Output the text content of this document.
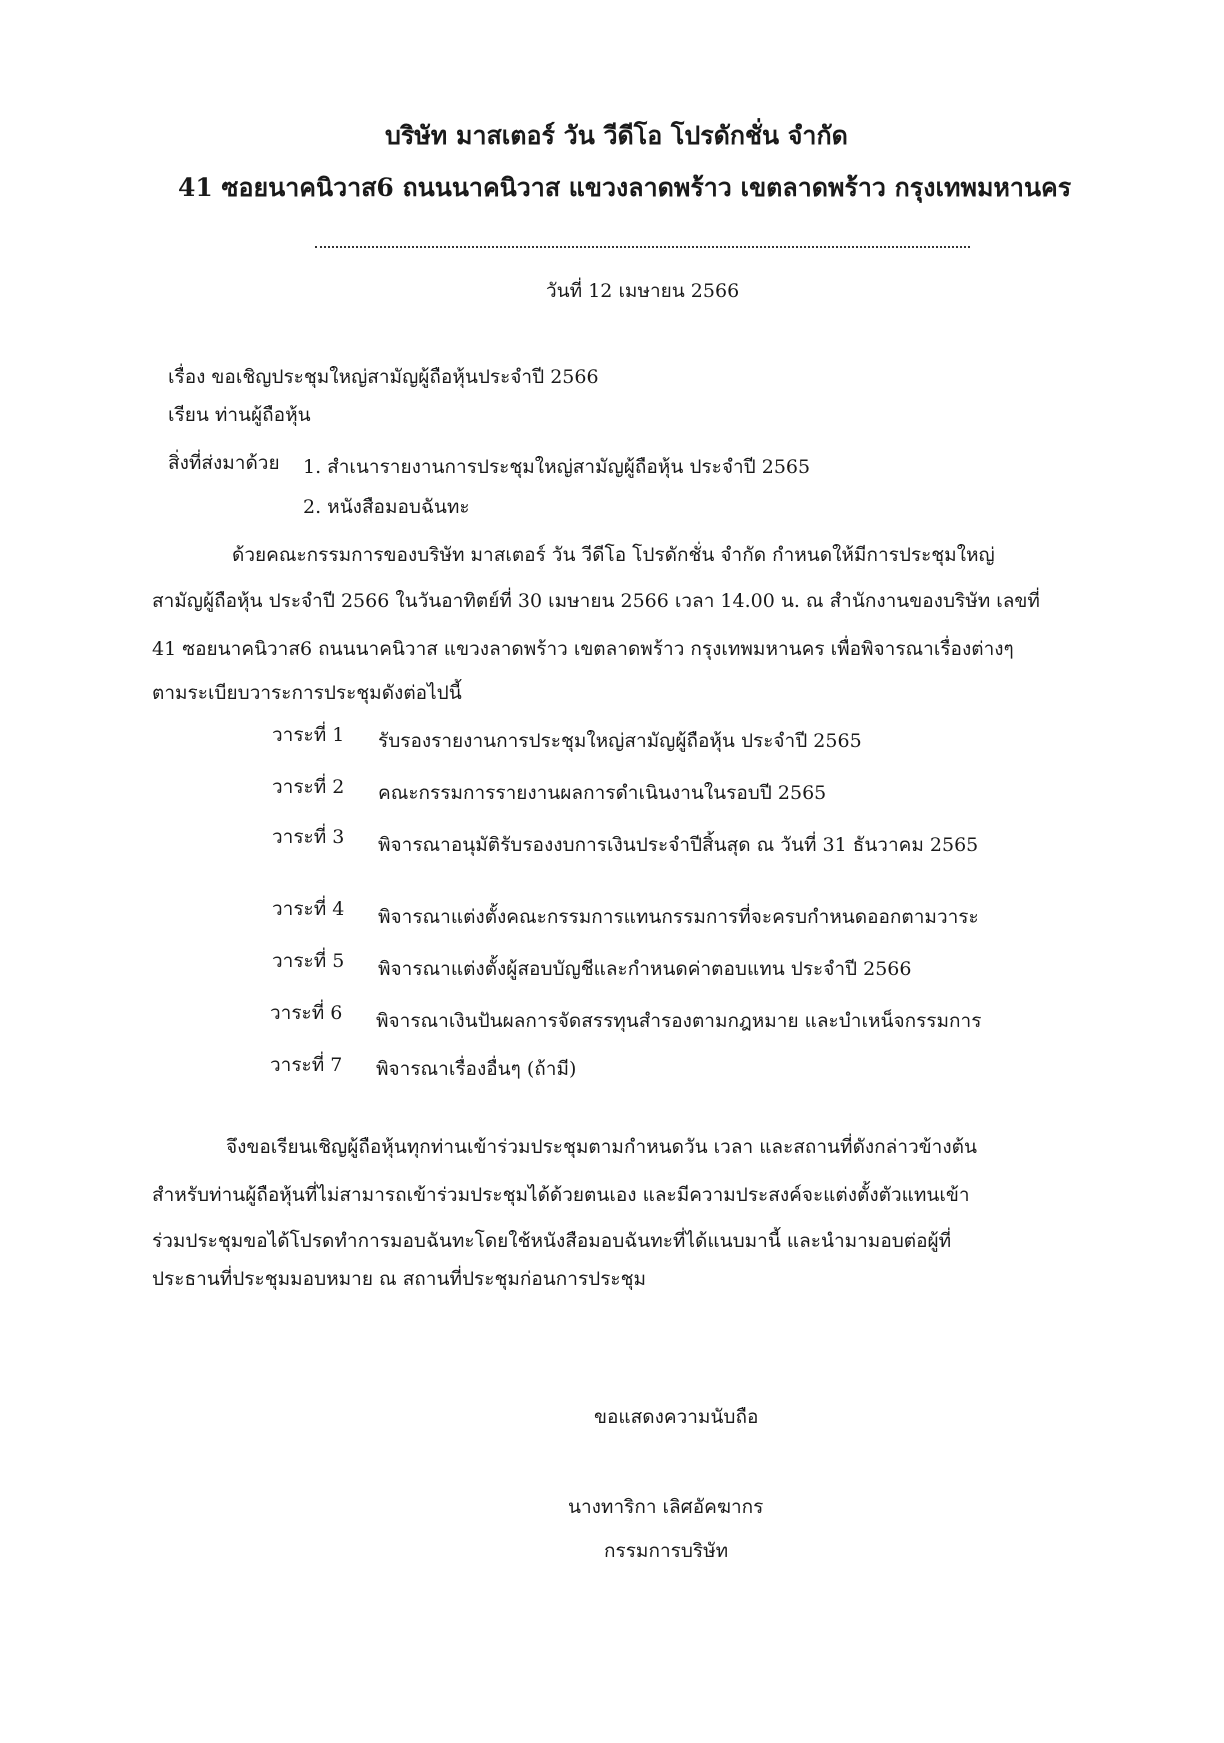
บริษัท มาสเตอร์ วัน วีดีโอ โปรดักชั่น จำกัด
41 ซอยนาคนิวาส6 ถนนนาคนิวาส แขวงลาดพร้าว เขตลาดพร้าว กรุงเทพมหานคร
วันที่ 12 เมษายน 2566
เรื่อง ขอเชิญประชุมใหญ่สามัญผู้ถือหุ้นประจำปี 2566
เรียน ท่านผู้ถือหุ้น
สิ่งที่ส่งมาด้วย 1. สำเนารายงานการประชุมใหญ่สามัญผู้ถือหุ้น ประจำปี 2565
2. หนังสือมอบฉันทะ
ด้วยคณะกรรมการของบริษัท มาสเตอร์ วัน วีดีโอ โปรดักชั่น จำกัด กำหนดให้มีการประชุมใหญ่
สามัญผู้ถือหุ้น ประจำปี 2566 ในวันอาทิตย์ที่ 30 เมษายน 2566 เวลา 14.00 น. ณ สำนักงานของบริษัท เลขที่
41 ซอยนาคนิวาส6 ถนนนาคนิวาส แขวงลาดพร้าว เขตลาดพร้าว กรุงเทพมหานคร เพื่อพิจารณาเรื่องต่างๆ
ตามระเบียบวาระการประชุมดังต่อไปนี้
วาระที่ 1 รับรองรายงานการประชุมใหญ่สามัญผู้ถือหุ้น ประจำปี 2565
วาระที่ 2 คณะกรรมการรายงานผลการดำเนินงานในรอบปี 2565
วาระที่ 3 พิจารณาอนุมัติรับรองงบการเงินประจำปีสิ้นสุด ณ วันที่ 31 ธันวาคม 2565
วาระที่ 4 พิจารณาแต่งตั้งคณะกรรมการแทนกรรมการที่จะครบกำหนดออกตามวาระ
วาระที่ 5 พิจารณาแต่งตั้งผู้สอบบัญชีและกำหนดค่าตอบแทน ประจำปี 2566
วาระที่ 6 พิจารณาเงินปันผลการจัดสรรทุนสำรองตามกฎหมาย และบำเหน็จกรรมการ
วาระที่ 7 พิจารณาเรื่องอื่นๆ (ถ้ามี)
จึงขอเรียนเชิญผู้ถือหุ้นทุกท่านเข้าร่วมประชุมตามกำหนดวัน เวลา และสถานที่ดังกล่าวข้างต้น
สำหรับท่านผู้ถือหุ้นที่ไม่สามารถเข้าร่วมประชุมได้ด้วยตนเอง และมีความประสงค์จะแต่งตั้งตัวแทนเข้า
ร่วมประชุมขอได้โปรดทำการมอบฉันทะโดยใช้หนังสือมอบฉันทะที่ได้แนบมานี้ และนำมามอบต่อผู้ที่
ประธานที่ประชุมมอบหมาย ณ สถานที่ประชุมก่อนการประชุม
ขอแสดงความนับถือ
นางทาริกา เลิศอัคฆากร
กรรมการบริษัท
